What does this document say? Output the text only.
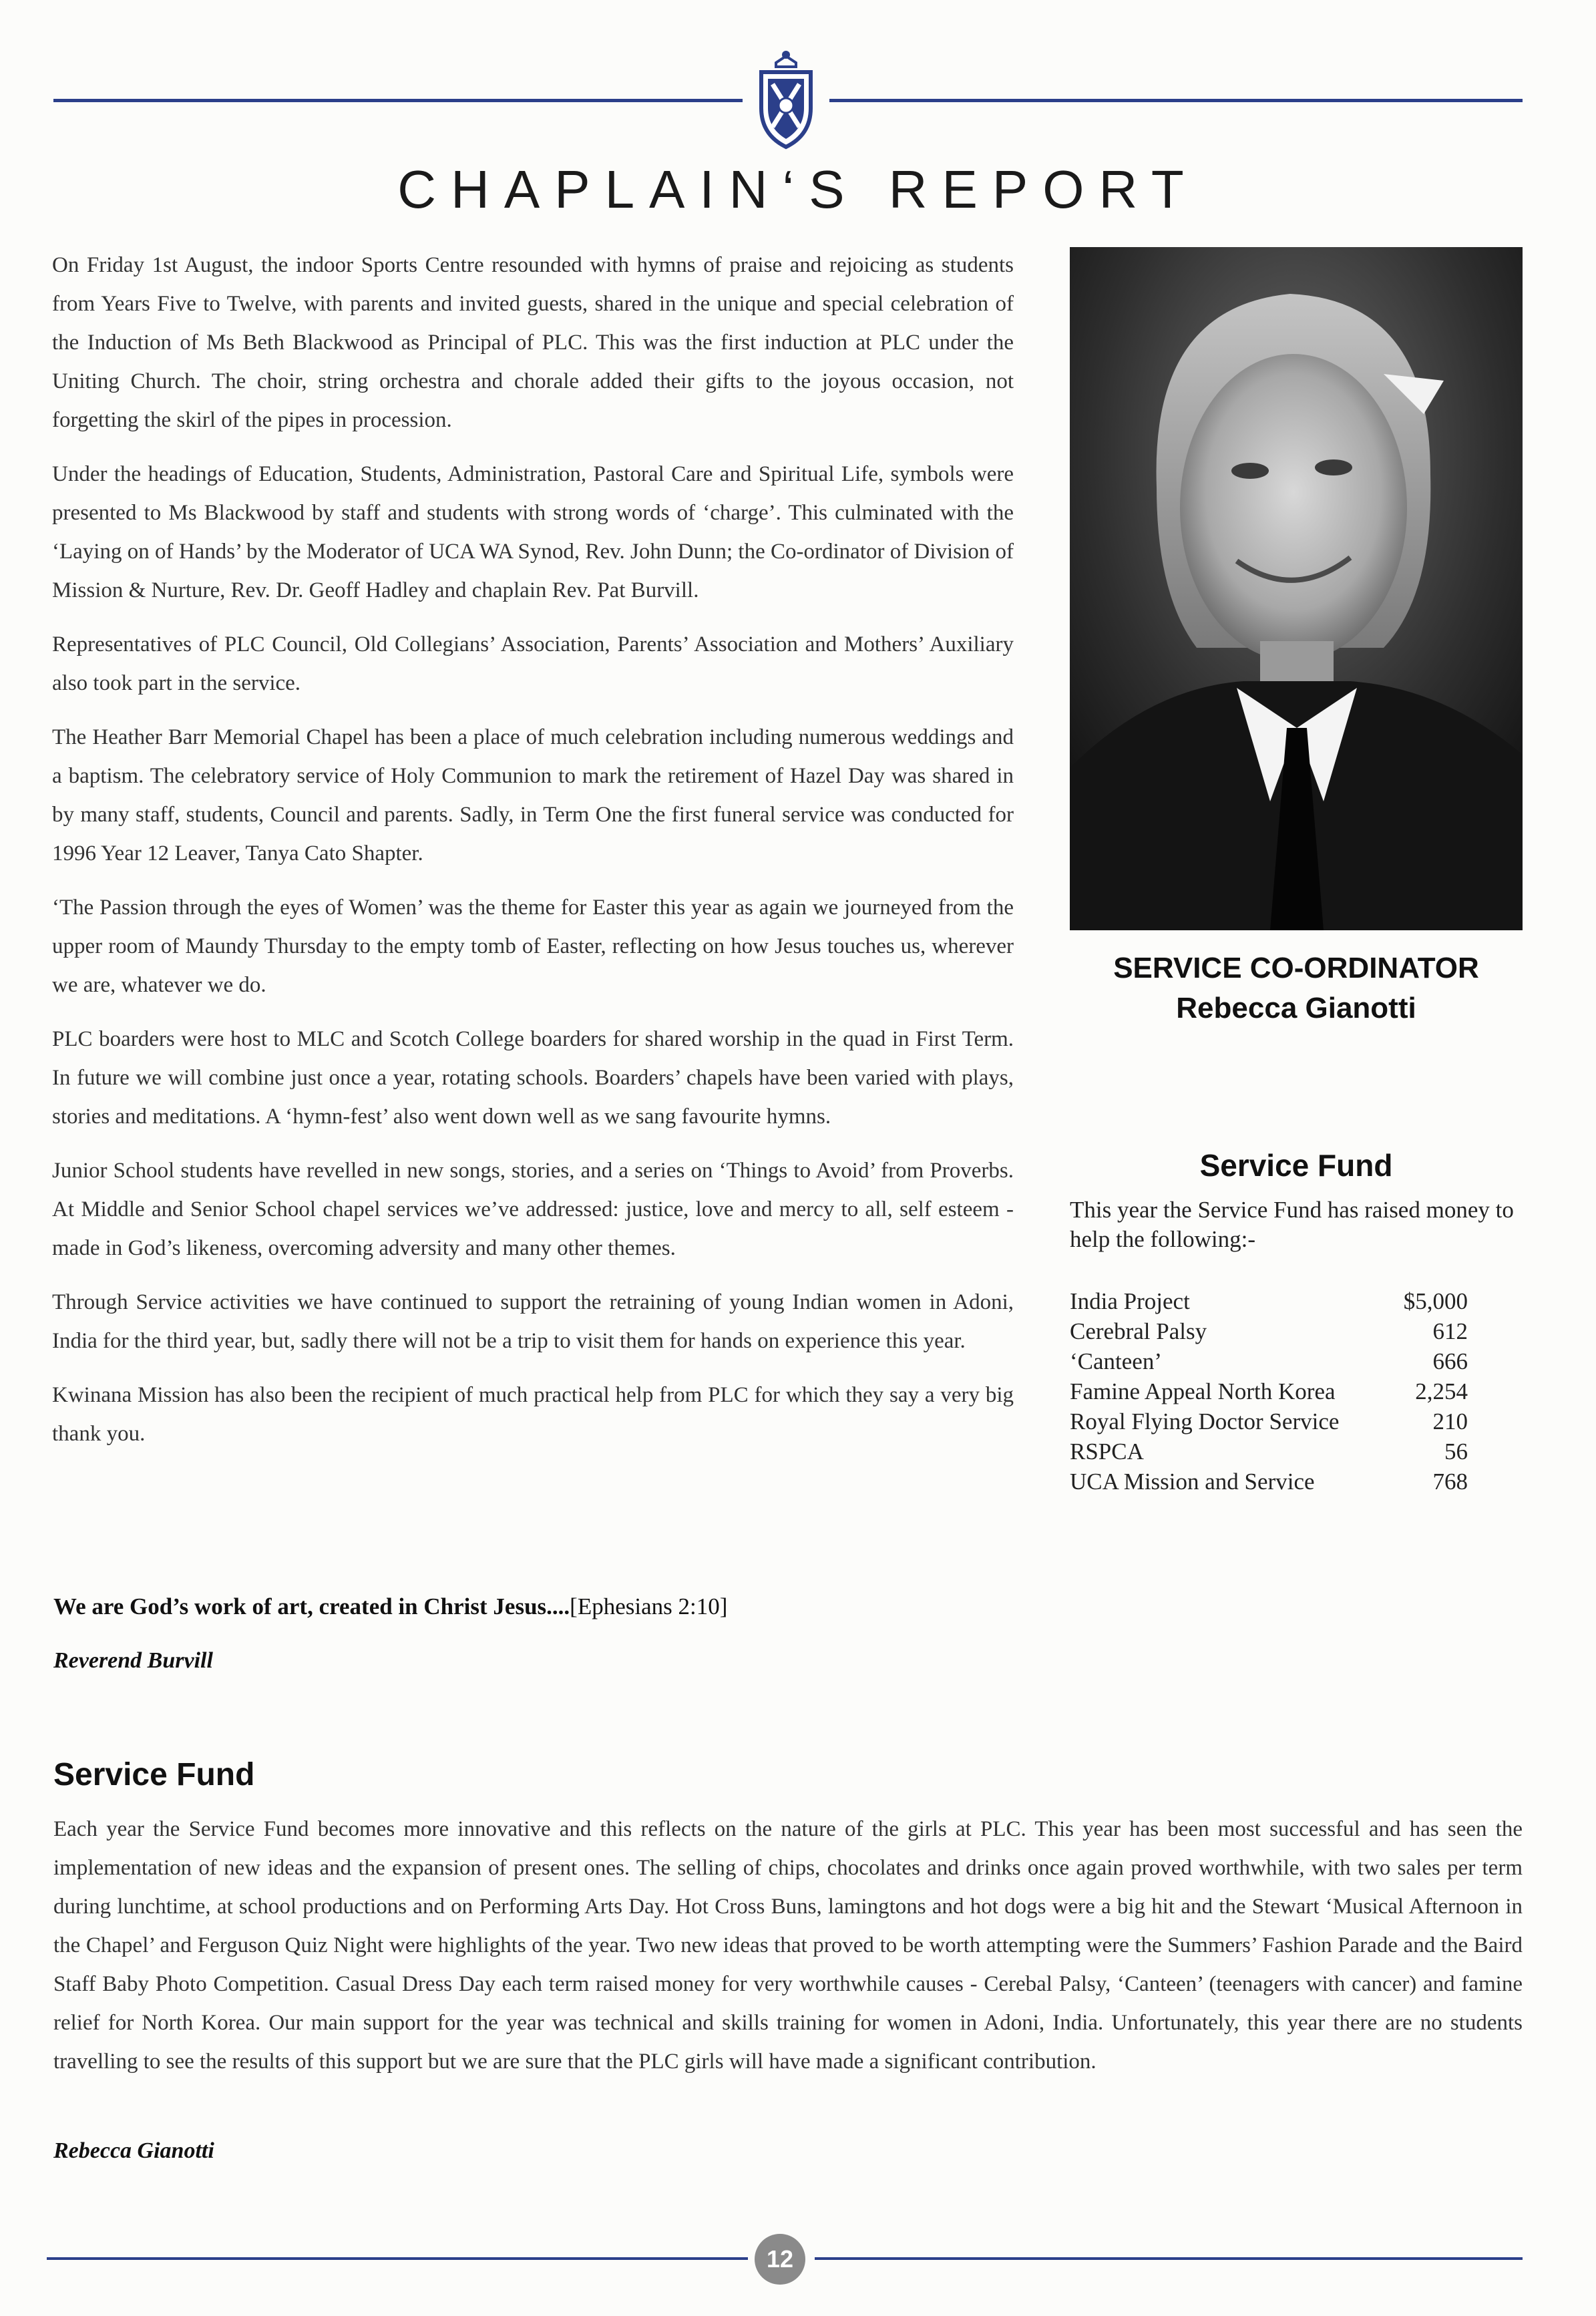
CHAPLAIN‘S REPORT

On Friday 1st August, the indoor Sports Centre resounded with hymns of praise and rejoicing as students from Years Five to Twelve, with parents and invited guests, shared in the unique and special celebration of the Induction of Ms Beth Blackwood as Principal of PLC. This was the first induction at PLC under the Uniting Church. The choir, string orchestra and chorale added their gifts to the joyous occasion, not forgetting the skirl of the pipes in procession.

Under the headings of Education, Students, Administration, Pastoral Care and Spiritual Life, symbols were presented to Ms Blackwood by staff and students with strong words of ‘charge’. This culminated with the ‘Laying on of Hands’ by the Moderator of UCA WA Synod, Rev. John Dunn; the Co-ordinator of Division of Mission & Nurture, Rev. Dr. Geoff Hadley and chaplain Rev. Pat Burvill.

Representatives of PLC Council, Old Collegians’ Association, Parents’ Association and Mothers’ Auxiliary also took part in the service.

The Heather Barr Memorial Chapel has been a place of much celebration including numerous weddings and a baptism. The celebratory service of Holy Communion to mark the retirement of Hazel Day was shared in by many staff, students, Council and parents. Sadly, in Term One the first funeral service was conducted for 1996 Year 12 Leaver, Tanya Cato Shapter.

‘The Passion through the eyes of Women’ was the theme for Easter this year as again we journeyed from the upper room of Maundy Thursday to the empty tomb of Easter, reflecting on how Jesus touches us, wherever we are, whatever we do.

PLC boarders were host to MLC and Scotch College boarders for shared worship in the quad in First Term. In future we will combine just once a year, rotating schools. Boarders’ chapels have been varied with plays, stories and meditations. A ‘hymn-fest’ also went down well as we sang favourite hymns.

Junior School students have revelled in new songs, stories, and a series on ‘Things to Avoid’ from Proverbs. At Middle and Senior School chapel services we’ve addressed: justice, love and mercy to all, self esteem - made in God’s likeness, overcoming adversity and many other themes.

Through Service activities we have continued to support the retraining of young Indian women in Adoni, India for the third year, but, sadly there will not be a trip to visit them for hands on experience this year.

Kwinana Mission has also been the recipient of much practical help from PLC for which they say a very big thank you.

SERVICE CO-ORDINATOR
Rebecca Gianotti
Service Fund
This year the Service Fund has raised money to help the following:-
India Project	$5,000
Cerebral Palsy	612
‘Canteen’	666
Famine Appeal North Korea	2,254
Royal Flying Doctor Service	210
RSPCA	56
UCA Mission and Service	768
We are God’s work of art, created in Christ Jesus....[Ephesians 2:10]
Reverend Burvill
Service Fund
Each year the Service Fund becomes more innovative and this reflects on the nature of the girls at PLC. This year has been most successful and has seen the implementation of new ideas and the expansion of present ones. The selling of chips, chocolates and drinks once again proved worthwhile, with two sales per term during lunchtime, at school productions and on Performing Arts Day. Hot Cross Buns, lamingtons and hot dogs were a big hit and the Stewart ‘Musical Afternoon in the Chapel’ and Ferguson Quiz Night were highlights of the year. Two new ideas that proved to be worth attempting were the Summers’ Fashion Parade and the Baird Staff Baby Photo Competition. Casual Dress Day each term raised money for very worthwhile causes - Cerebal Palsy, ‘Canteen’ (teenagers with cancer) and famine relief for North Korea. Our main support for the year was technical and skills training for women in Adoni, India. Unfortunately, this year there are no students travelling to see the results of this support but we are sure that the PLC girls will have made a significant contribution.
Rebecca Gianotti
12
